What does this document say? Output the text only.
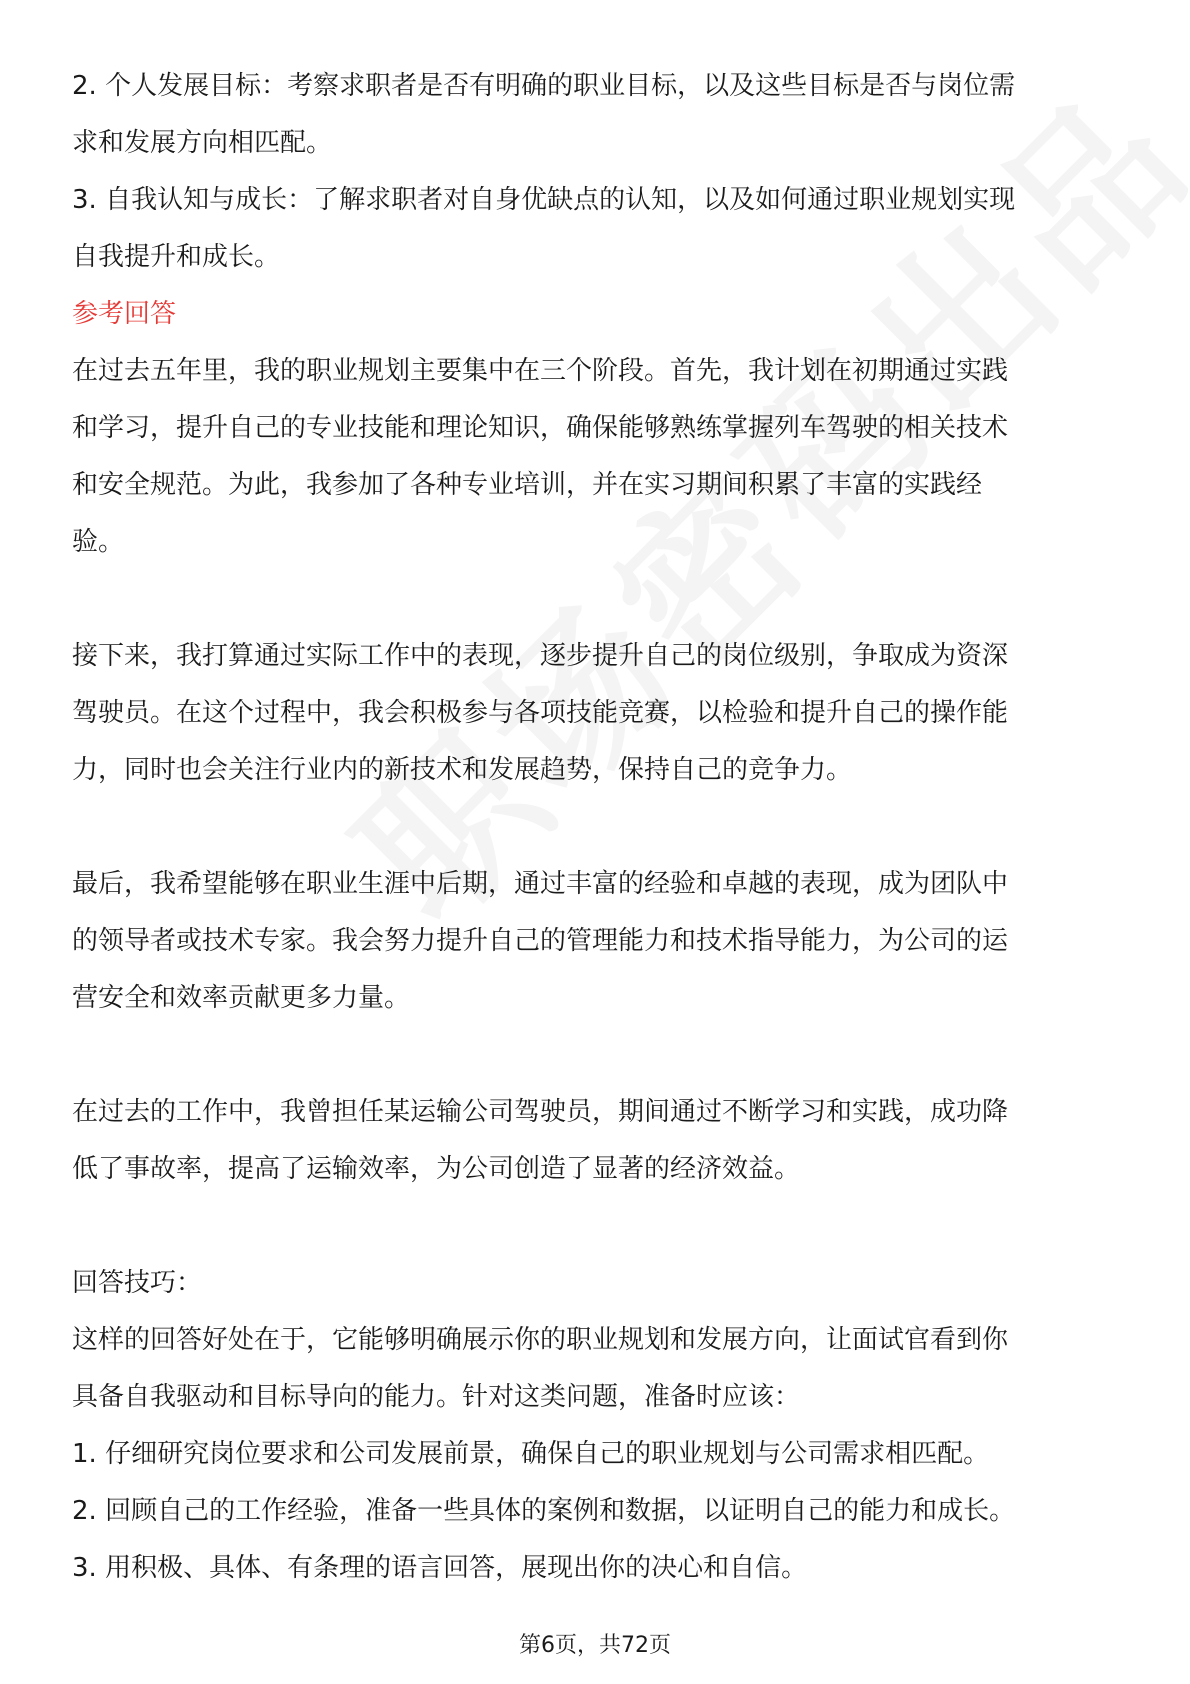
2. 个人发展目标：考察求职者是否有明确的职业目标，以及这些目标是否与岗位需

求和发展方向相匹配。

3. 自我认知与成长：了解求职者对自身优缺点的认知，以及如何通过职业规划实现

自我提升和成长。

参考回答

在过去五年里，我的职业规划主要集中在三个阶段。首先，我计划在初期通过实践

和学习，提升自己的专业技能和理论知识，确保能够熟练掌握列车驾驶的相关技术

和安全规范。为此，我参加了各种专业培训，并在实习期间积累了丰富的实践经

验。

接下来，我打算通过实际工作中的表现，逐步提升自己的岗位级别，争取成为资深

驾驶员。在这个过程中，我会积极参与各项技能竞赛，以检验和提升自己的操作能

力，同时也会关注行业内的新技术和发展趋势，保持自己的竞争力。

最后，我希望能够在职业生涯中后期，通过丰富的经验和卓越的表现，成为团队中

的领导者或技术专家。我会努力提升自己的管理能力和技术指导能力，为公司的运

营安全和效率贡献更多力量。

在过去的工作中，我曾担任某运输公司驾驶员，期间通过不断学习和实践，成功降

低了事故率，提高了运输效率，为公司创造了显著的经济效益。

回答技巧：

这样的回答好处在于，它能够明确展示你的职业规划和发展方向，让面试官看到你

具备自我驱动和目标导向的能力。针对这类问题，准备时应该：

1. 仔细研究岗位要求和公司发展前景，确保自己的职业规划与公司需求相匹配。

2. 回顾自己的工作经验，准备一些具体的案例和数据，以证明自己的能力和成长。

3. 用积极、具体、有条理的语言回答，展现出你的决心和自信。

第6页，共72页
